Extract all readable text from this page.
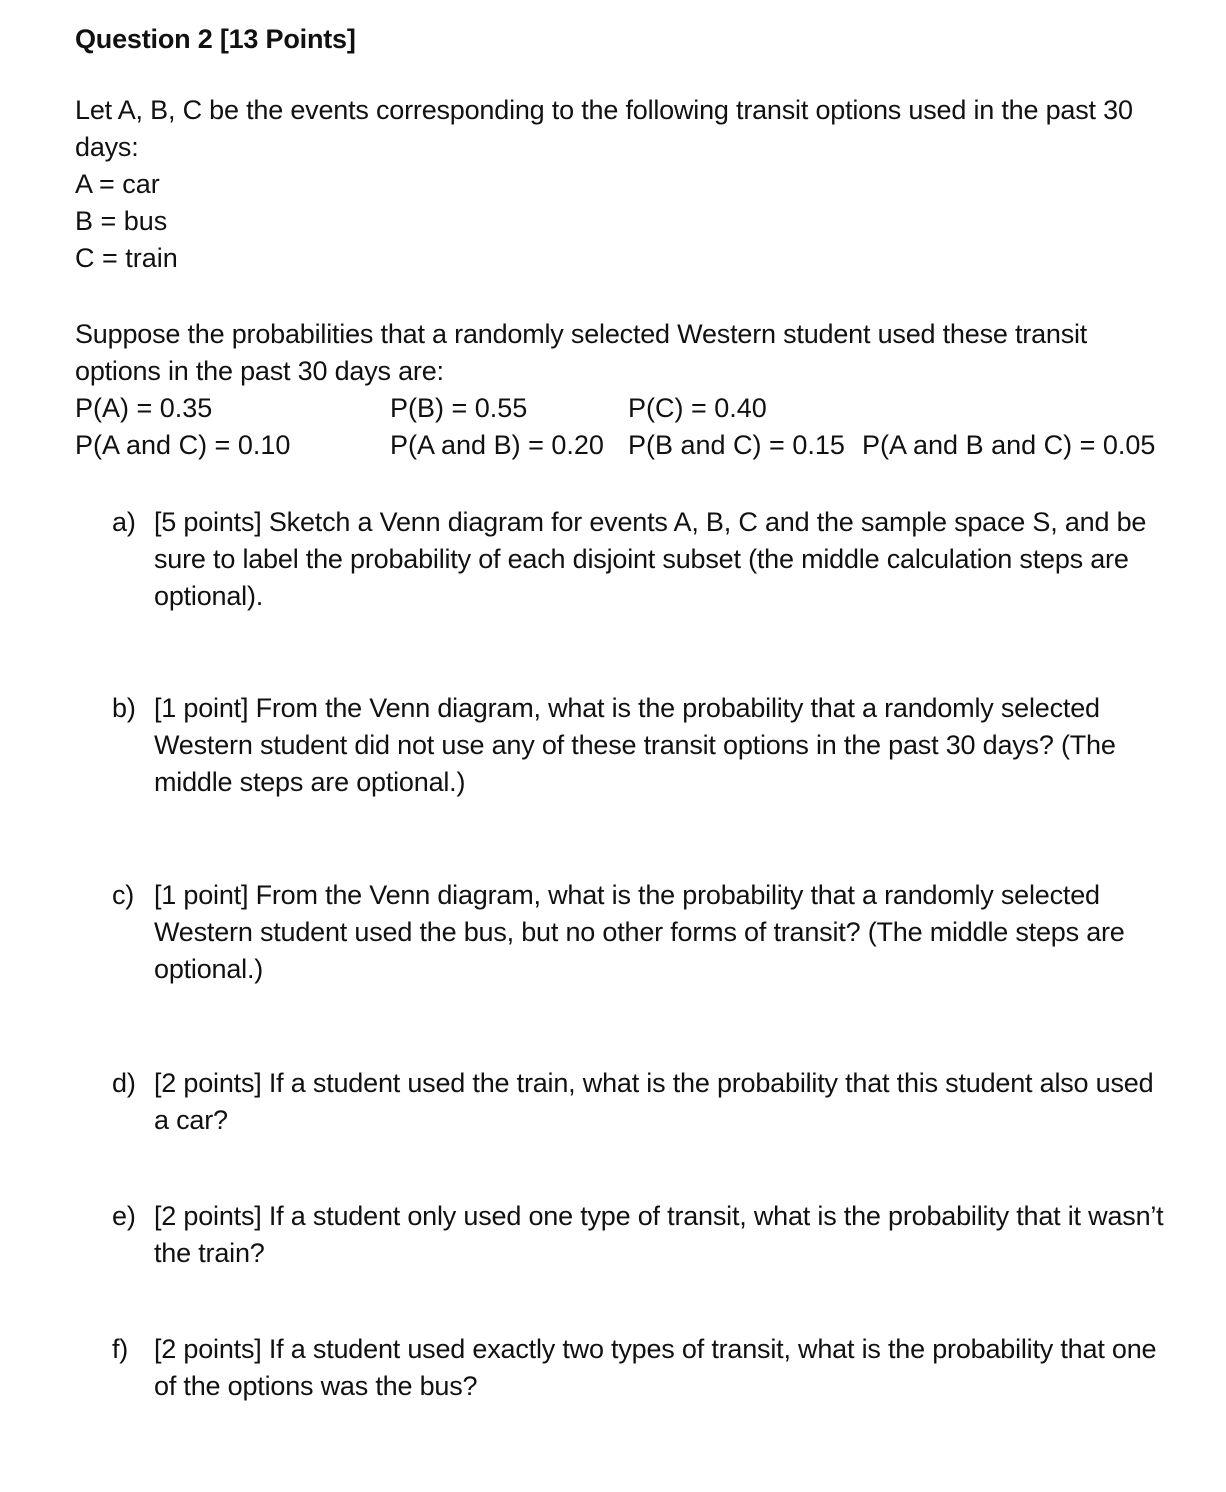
Question 2 [13 Points]
Let A, B, C be the events corresponding to the following transit options used in the past 30 days:
A = car
B = bus
C = train
Suppose the probabilities that a randomly selected Western student used these transit options in the past 30 days are:
P(A) = 0.35	P(B) = 0.55	P(C) = 0.40
P(A and C) = 0.10	P(A and B) = 0.20 P(B and C) = 0.15 P(A and B and C) = 0.05
a) [5 points] Sketch a Venn diagram for events A, B, C and the sample space S, and be sure to label the probability of each disjoint subset (the middle calculation steps are optional).
b) [1 point] From the Venn diagram, what is the probability that a randomly selected Western student did not use any of these transit options in the past 30 days? (The middle steps are optional.)
c) [1 point] From the Venn diagram, what is the probability that a randomly selected Western student used the bus, but no other forms of transit? (The middle steps are optional.)
d) [2 points] If a student used the train, what is the probability that this student also used a car?
e) [2 points] If a student only used one type of transit, what is the probability that it wasn’t the train?
f) [2 points] If a student used exactly two types of transit, what is the probability that one of the options was the bus?
